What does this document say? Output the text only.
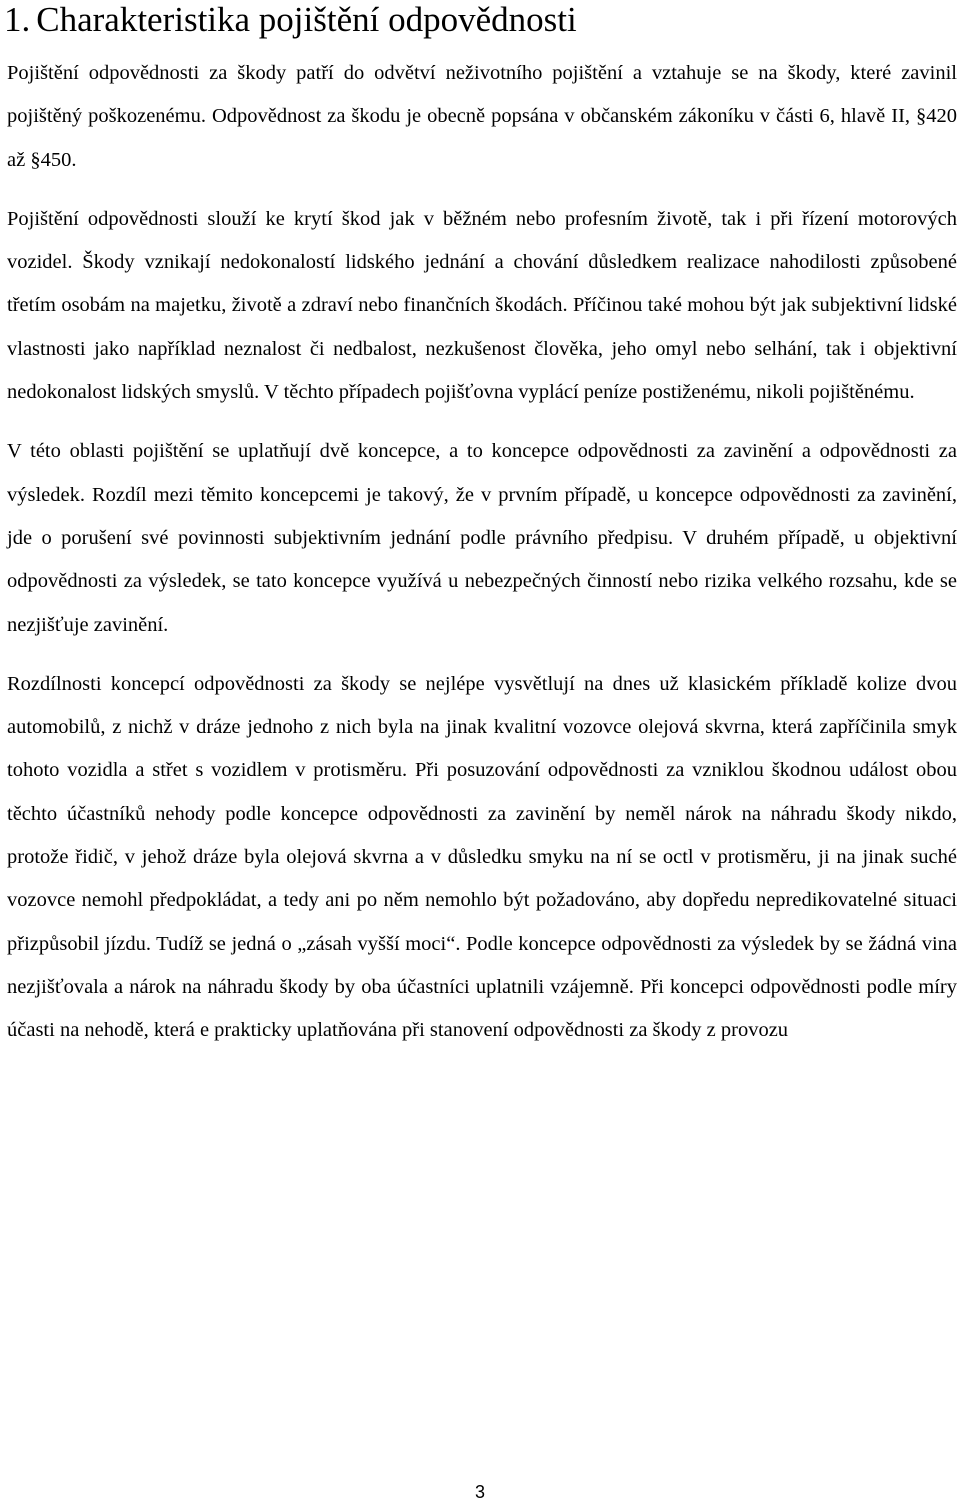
1. Charakteristika pojištění odpovědnosti

Pojištění odpovědnosti za škody patří do odvětví neživotního pojištění a vztahuje se na škody, které zavinil pojištěný poškozenému. Odpovědnost za škodu je obecně popsána v občanském zákoníku v části 6, hlavě II, §420 až §450.

Pojištění odpovědnosti slouží ke krytí škod jak v běžném nebo profesním životě, tak i při řízení motorových vozidel. Škody vznikají nedokonalostí lidského jednání a chování důsledkem realizace nahodilosti způsobené třetím osobám na majetku, životě a zdraví nebo finančních škodách. Příčinou také mohou být jak subjektivní lidské vlastnosti jako například neznalost či nedbalost, nezkušenost člověka, jeho omyl nebo selhání, tak i objektivní nedokonalost lidských smyslů. V těchto případech pojišťovna vyplácí peníze postiženému, nikoli pojištěnému.

V této oblasti pojištění se uplatňují dvě koncepce, a to koncepce odpovědnosti za zavinění a odpovědnosti za výsledek. Rozdíl mezi těmito koncepcemi je takový, že v prvním případě, u koncepce odpovědnosti za zavinění, jde o porušení své povinnosti subjektivním jednání podle právního předpisu. V druhém případě, u objektivní odpovědnosti za výsledek, se tato koncepce využívá u nebezpečných činností nebo rizika velkého rozsahu, kde se nezjišťuje zavinění.

Rozdílnosti koncepcí odpovědnosti za škody se nejlépe vysvětlují na dnes už klasickém příkladě kolize dvou automobilů, z nichž v dráze jednoho z nich byla na jinak kvalitní vozovce olejová skvrna, která zapříčinila smyk tohoto vozidla a střet s vozidlem v protisměru. Při posuzování odpovědnosti za vzniklou škodnou událost obou těchto účastníků nehody podle koncepce odpovědnosti za zavinění by neměl nárok na náhradu škody nikdo, protože řidič, v jehož dráze byla olejová skvrna a v důsledku smyku na ní se octl v protisměru, ji na jinak suché vozovce nemohl předpokládat, a tedy ani po něm nemohlo být požadováno, aby dopředu nepredikovatelné situaci přizpůsobil jízdu. Tudíž se jedná o „zásah vyšší moci“. Podle koncepce odpovědnosti za výsledek by se žádná vina nezjišťovala a nárok na náhradu škody by oba účastníci uplatnili vzájemně. Při koncepci odpovědnosti podle míry účasti na nehodě, která e prakticky uplatňována při stanovení odpovědnosti za škody z provozu

3
